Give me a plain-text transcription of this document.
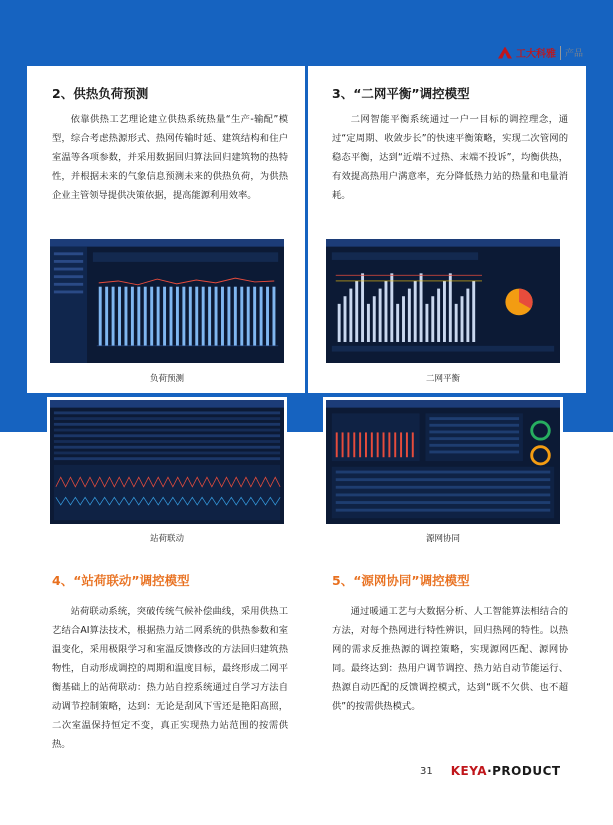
工大科雅 产品
2、供热负荷预测

依靠供热工艺理论建立供热系统热量“生产-输配”模型，综合考虑热源形式、热网传输时延、建筑结构和住户室温等各项参数，并采用数据回归算法回归建筑物的热特性，并根据未来的气象信息预测未来的供热负荷，为供热企业主管领导提供决策依据，提高能源利用效率。

3、“二网平衡”调控模型

二网智能平衡系统通过一户一目标的调控理念，通过“定周期、收敛步长”的快速平衡策略，实现二次管网的稳态平衡，达到“近端不过热、末端不投诉”，均衡供热，有效提高热用户满意率，充分降低热力站的热量和电量消耗。

负荷预测	二网平衡
站荷联动	源网协同
4、“站荷联动”调控模型

站荷联动系统，突破传统气候补偿曲线，采用供热工艺结合AI算法技术，根据热力站二网系统的供热参数和室温变化，采用极限学习和室温反馈修改的方法回归建筑热物性，自动形成调控的周期和温度目标，最终形成二网平衡基础上的站荷联动：热力站自控系统通过自学习方法自动调节控制策略，达到：无论是刮风下雪还是艳阳高照，二次室温保持恒定不变，真正实现热力站范围的按需供热。

5、“源网协同”调控模型

通过暖通工艺与大数据分析、人工智能算法相结合的方法，对每个热网进行特性辨识，回归热网的特性。以热网的需求反推热源的调控策略，实现源网匹配、源网协同。最终达到：热用户调节调控、热力站自动节能运行、热源自动匹配的反馈调控模式，达到“既不欠供、也不超供”的按需供热模式。

31 KEYA·PRODUCT
